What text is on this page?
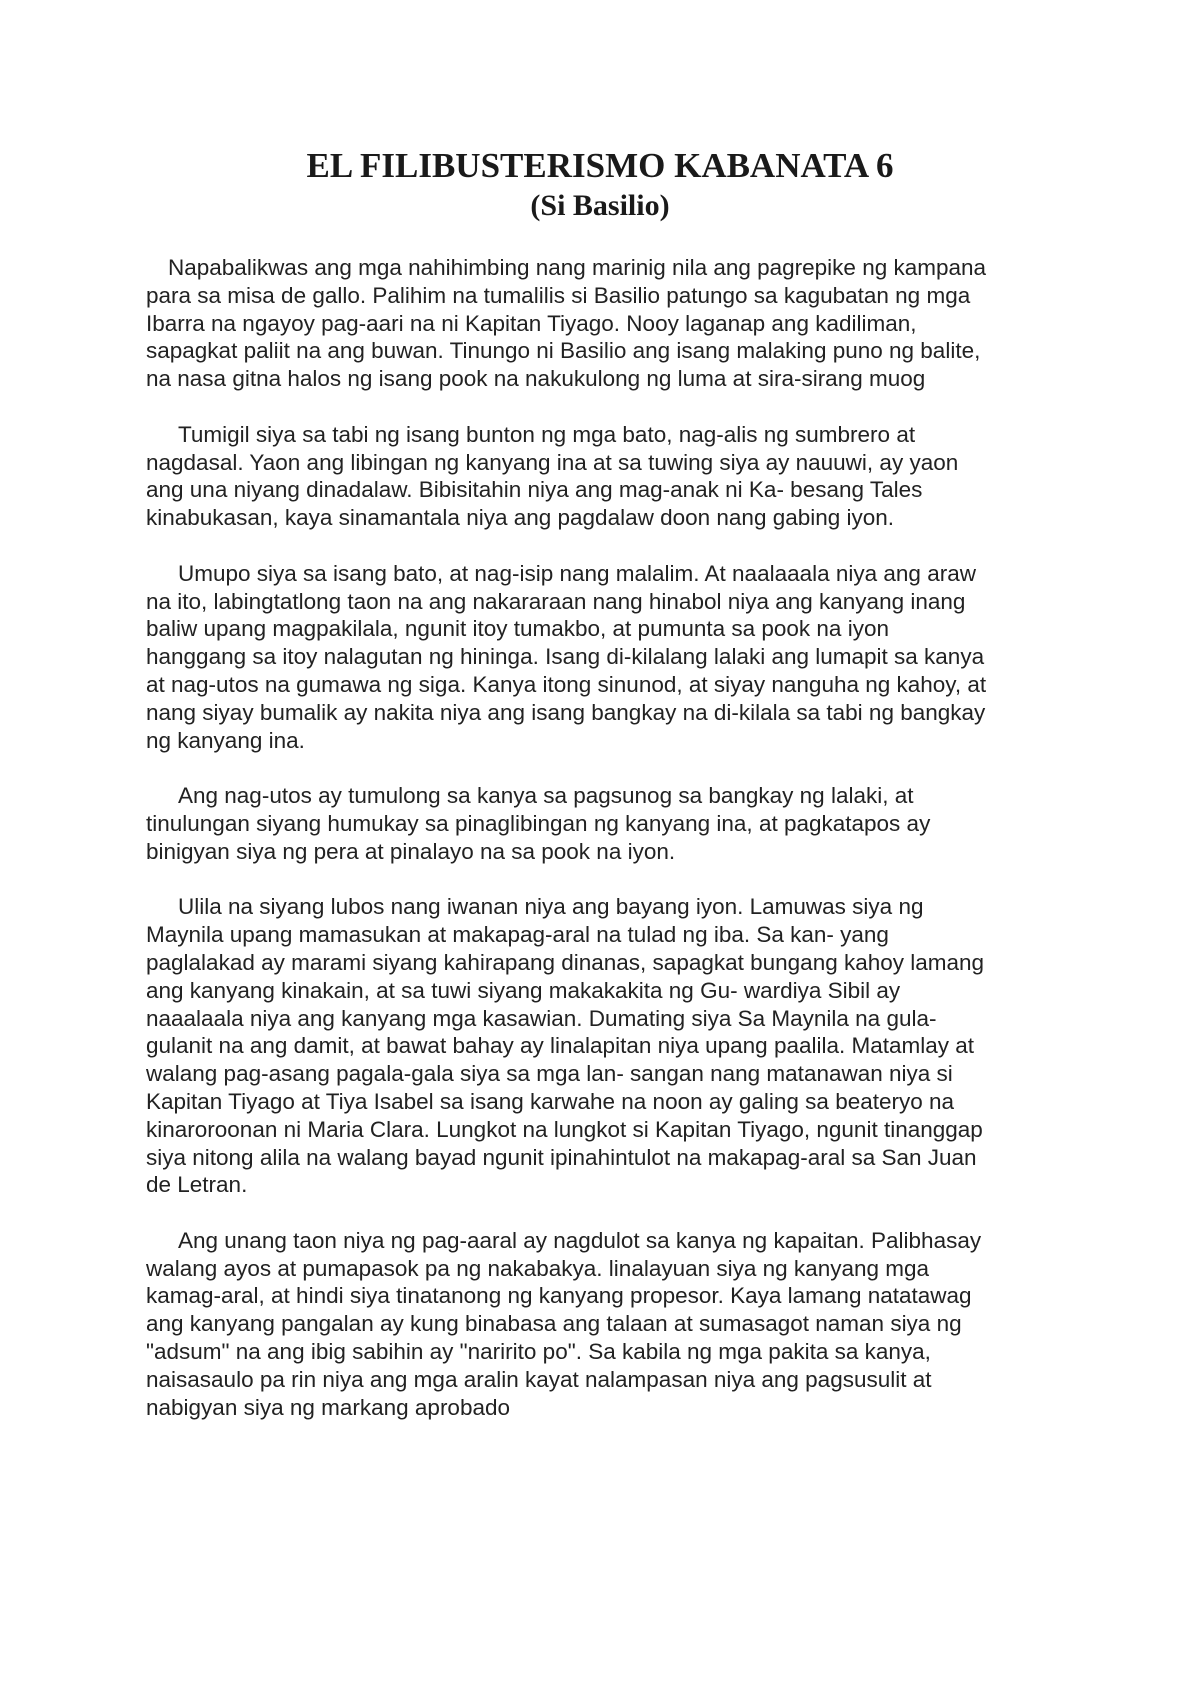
EL FILIBUSTERISMO KABANATA 6
(Si Basilio)

Napabalikwas ang mga nahihimbing nang marinig nila ang pagrepike ng kampana
para sa misa de gallo. Palihim na tumalilis si Basilio patungo sa kagubatan ng mga
Ibarra na ngayoy pag-aari na ni Kapitan Tiyago. Nooy laganap ang kadiliman,
sapagkat paliit na ang buwan. Tinungo ni Basilio ang isang malaking puno ng balite,
na nasa gitna halos ng isang pook na nakukulong ng luma at sira-sirang muog

Tumigil siya sa tabi ng isang bunton ng mga bato, nag-alis ng sumbrero at
nagdasal. Yaon ang libingan ng kanyang ina at sa tuwing siya ay nauuwi, ay yaon
ang una niyang dinadalaw. Bibisitahin niya ang mag-anak ni Ka- besang Tales
kinabukasan, kaya sinamantala niya ang pagdalaw doon nang gabing iyon.

Umupo siya sa isang bato, at nag-isip nang malalim. At naalaaala niya ang araw
na ito, labingtatlong taon na ang nakararaan nang hinabol niya ang kanyang inang
baliw upang magpakilala, ngunit itoy tumakbo, at pumunta sa pook na iyon
hanggang sa itoy nalagutan ng hininga. Isang di-kilalang lalaki ang lumapit sa kanya
at nag-utos na gumawa ng siga. Kanya itong sinunod, at siyay nanguha ng kahoy, at
nang siyay bumalik ay nakita niya ang isang bangkay na di-kilala sa tabi ng bangkay
ng kanyang ina.

Ang nag-utos ay tumulong sa kanya sa pagsunog sa bangkay ng lalaki, at
tinulungan siyang humukay sa pinaglibingan ng kanyang ina, at pagkatapos ay
binigyan siya ng pera at pinalayo na sa pook na iyon.

Ulila na siyang lubos nang iwanan niya ang bayang iyon. Lamuwas siya ng
Maynila upang mamasukan at makapag-aral na tulad ng iba. Sa kan- yang
paglalakad ay marami siyang kahirapang dinanas, sapagkat bungang kahoy lamang
ang kanyang kinakain, at sa tuwi siyang makakakita ng Gu- wardiya Sibil ay
naaalaala niya ang kanyang mga kasawian. Dumating siya Sa Maynila na gula-
gulanit na ang damit, at bawat bahay ay linalapitan niya upang paalila. Matamlay at
walang pag-asang pagala-gala siya sa mga lan- sangan nang matanawan niya si
Kapitan Tiyago at Tiya Isabel sa isang karwahe na noon ay galing sa beateryo na
kinaroroonan ni Maria Clara. Lungkot na lungkot si Kapitan Tiyago, ngunit tinanggap
siya nitong alila na walang bayad ngunit ipinahintulot na makapag-aral sa San Juan
de Letran.

Ang unang taon niya ng pag-aaral ay nagdulot sa kanya ng kapaitan. Palibhasay
walang ayos at pumapasok pa ng nakabakya. linalayuan siya ng kanyang mga
kamag-aral, at hindi siya tinatanong ng kanyang propesor. Kaya lamang natatawag
ang kanyang pangalan ay kung binabasa ang talaan at sumasagot naman siya ng
"adsum" na ang ibig sabihin ay "naririto po". Sa kabila ng mga pakita sa kanya,
naisasaulo pa rin niya ang mga aralin kayat nalampasan niya ang pagsusulit at
nabigyan siya ng markang aprobado
